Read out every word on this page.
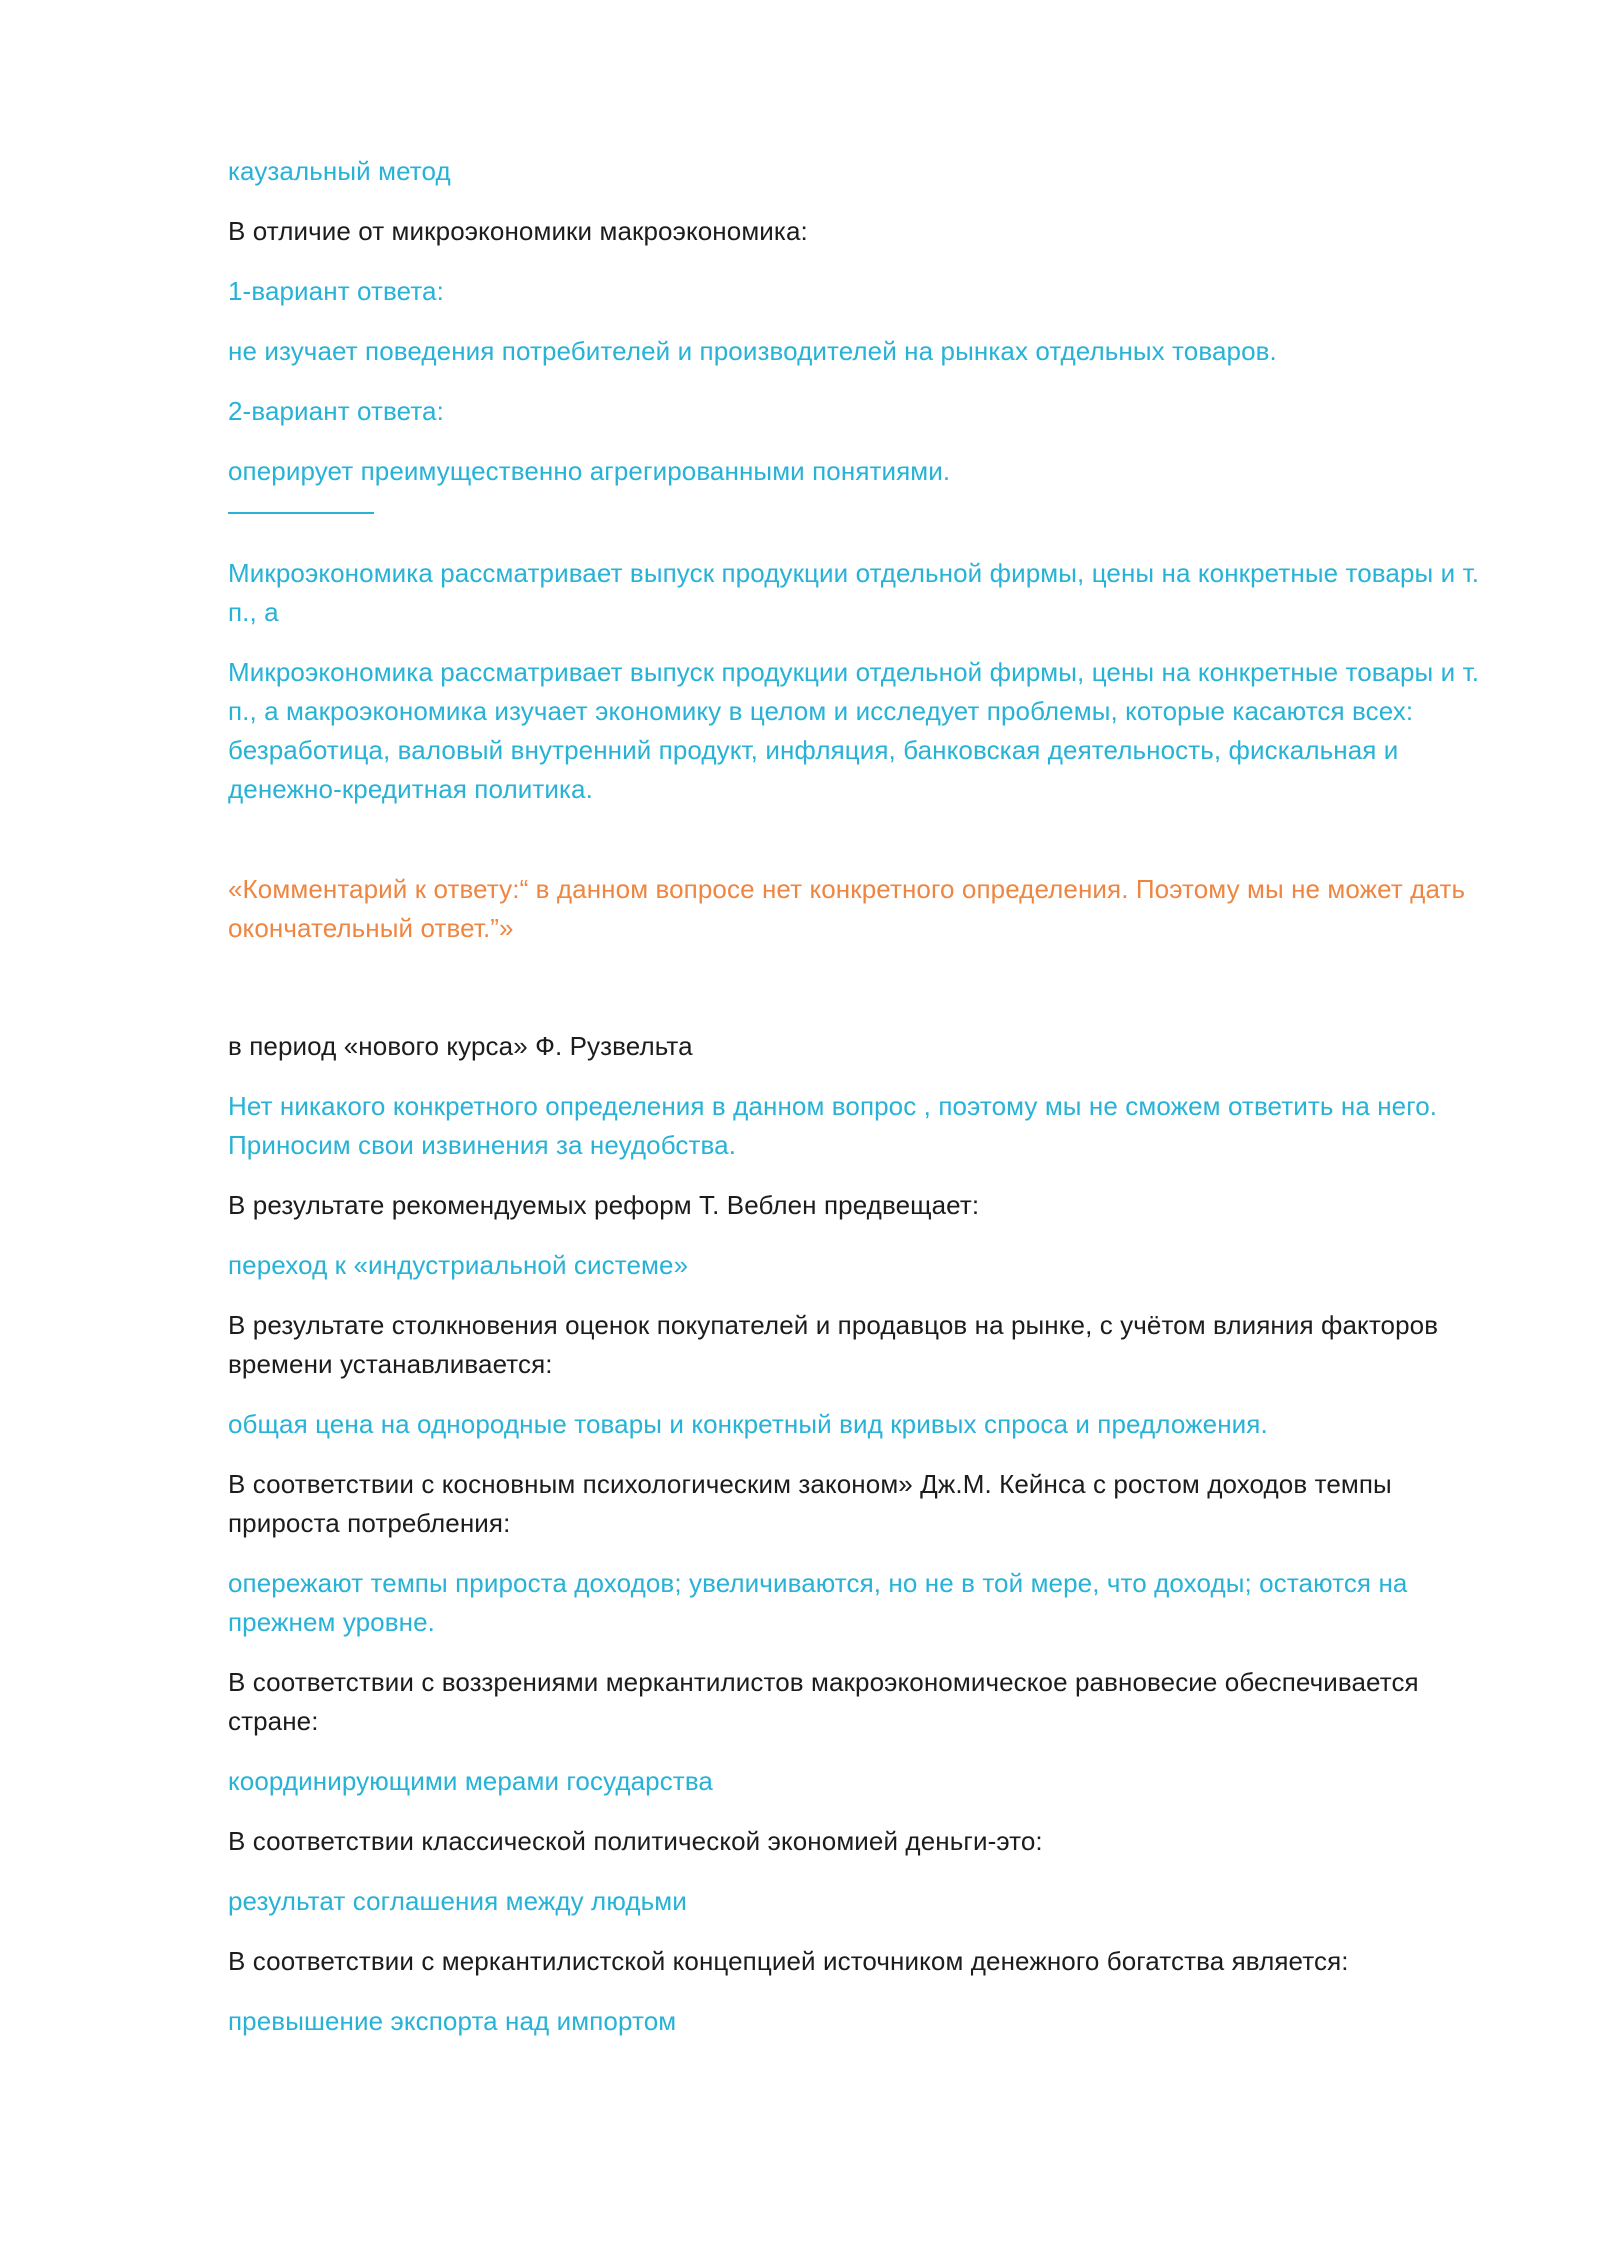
каузальный метод

В отличие от микроэкономики макроэкономика:

1-вариант ответа:

не изучает поведения потребителей и производителей на рынках отдельных товаров.

2-вариант ответа:

оперирует преимущественно агрегированными понятиями.

Микроэкономика рассматривает выпуск продукции отдельной фирмы, цены на конкретные товары и т. п., а

Микроэкономика рассматривает выпуск продукции отдельной фирмы, цены на конкретные товары и т. п., а макроэкономика изучает экономику в целом и исследует проблемы, которые касаются всех: безработица, валовый внутренний продукт, инфляция, банковская деятельность, фискальная и денежно-кредитная политика.

«Комментарий к ответу:“ в данном вопросе нет конкретного определения. Поэтому мы не может дать окончательный ответ.”»

в период «нового курса» Ф. Рузвельта

Нет никакого конкретного определения в данном вопрос , поэтому мы не сможем ответить на него. Приносим свои извинения за неудобства.

В результате рекомендуемых реформ Т. Веблен предвещает:

переход к «индустриальной системе»

В результате столкновения оценок покупателей и продавцов на рынке, с учётом влияния факторов времени устанавливается:

общая цена на однородные товары и конкретный вид кривых спроса и предложения.

В соответствии с косновным психологическим законом» Дж.М. Кейнса с ростом доходов темпы прироста потребления:

опережают темпы прироста доходов; увеличиваются, но не в той мере, что доходы; остаются на прежнем уровне.

В соответствии с воззрениями меркантилистов макроэкономическое равновесие обеспечивается стране:

координирующими мерами государства

В соответствии классической политической экономией деньги-это:

результат соглашения между людьми

В соответствии с меркантилистской концепцией источником денежного богатства является:

превышение экспорта над импортом
